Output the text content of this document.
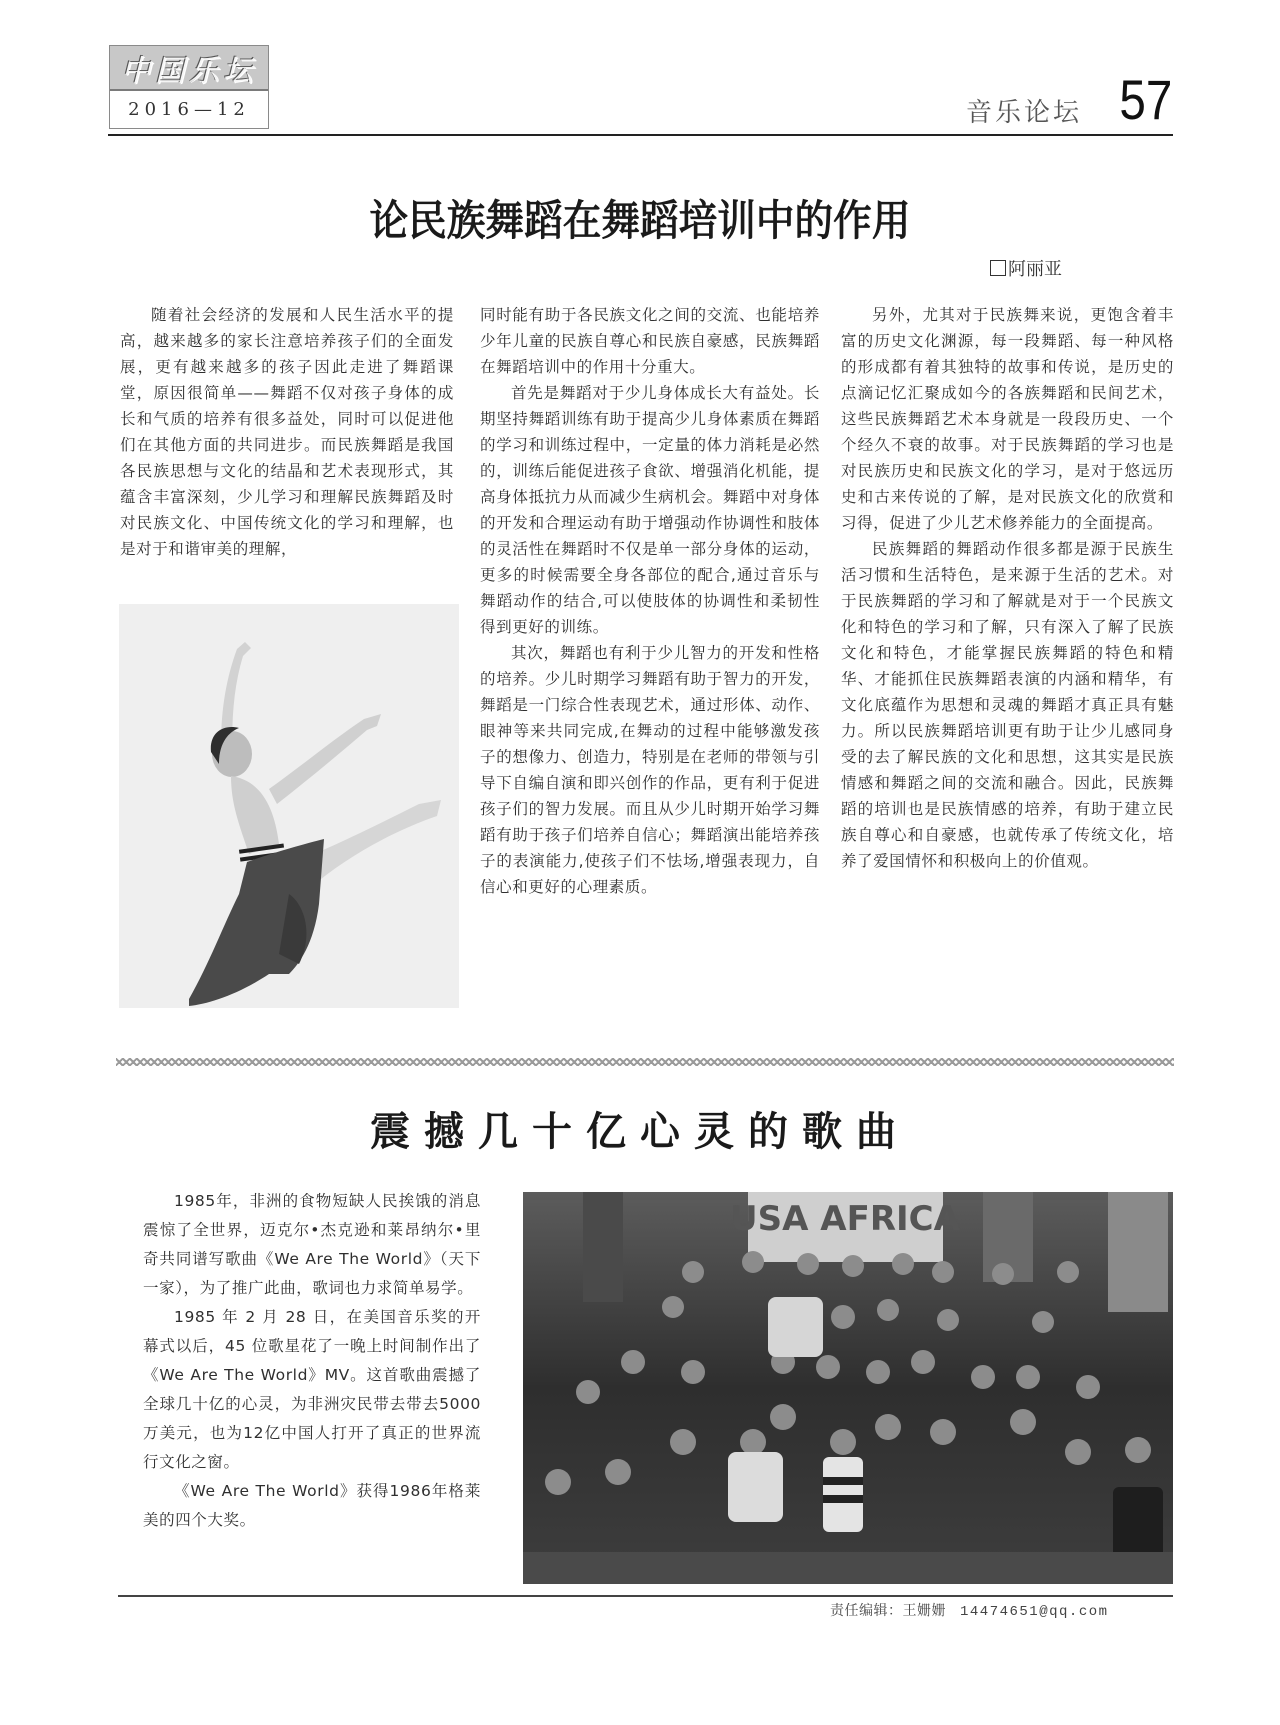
中国乐坛
2016—12	音乐论坛 57
论民族舞蹈在舞蹈培训中的作用
阿丽亚

随着社会经济的发展和人民生活水平的提高，越来越多的家长注意培养孩子们的全面发展，更有越来越多的孩子因此走进了舞蹈课堂，原因很简单——舞蹈不仅对孩子身体的成长和气质的培养有很多益处，同时可以促进他们在其他方面的共同进步。而民族舞蹈是我国各民族思想与文化的结晶和艺术表现形式，其蕴含丰富深刻，少儿学习和理解民族舞蹈及时对民族文化、中国传统文化的学习和理解，也是对于和谐审美的理解，

同时能有助于各民族文化之间的交流、也能培养少年儿童的民族自尊心和民族自豪感，民族舞蹈在舞蹈培训中的作用十分重大。

首先是舞蹈对于少儿身体成长大有益处。长期坚持舞蹈训练有助于提高少儿身体素质在舞蹈的学习和训练过程中，一定量的体力消耗是必然的，训练后能促进孩子食欲、增强消化机能，提高身体抵抗力从而减少生病机会。舞蹈中对身体的开发和合理运动有助于增强动作协调性和肢体的灵活性在舞蹈时不仅是单一部分身体的运动，更多的时候需要全身各部位的配合,通过音乐与舞蹈动作的结合,可以使肢体的协调性和柔韧性得到更好的训练。

其次，舞蹈也有利于少儿智力的开发和性格的培养。少儿时期学习舞蹈有助于智力的开发，舞蹈是一门综合性表现艺术，通过形体、动作、眼神等来共同完成,在舞动的过程中能够激发孩子的想像力、创造力，特别是在老师的带领与引导下自编自演和即兴创作的作品，更有利于促进孩子们的智力发展。而且从少儿时期开始学习舞蹈有助于孩子们培养自信心；舞蹈演出能培养孩子的表演能力,使孩子们不怯场,增强表现力，自信心和更好的心理素质。

另外，尤其对于民族舞来说，更饱含着丰富的历史文化渊源，每一段舞蹈、每一种风格的形成都有着其独特的故事和传说，是历史的点滴记忆汇聚成如今的各族舞蹈和民间艺术，这些民族舞蹈艺术本身就是一段段历史、一个个经久不衰的故事。对于民族舞蹈的学习也是对民族历史和民族文化的学习，是对于悠远历史和古来传说的了解，是对民族文化的欣赏和习得，促进了少儿艺术修养能力的全面提高。

民族舞蹈的舞蹈动作很多都是源于民族生活习惯和生活特色，是来源于生活的艺术。对于民族舞蹈的学习和了解就是对于一个民族文化和特色的学习和了解，只有深入了解了民族文化和特色，才能掌握民族舞蹈的特色和精华、才能抓住民族舞蹈表演的内涵和精华，有文化底蕴作为思想和灵魂的舞蹈才真正具有魅力。所以民族舞蹈培训更有助于让少儿感同身受的去了解民族的文化和思想，这其实是民族情感和舞蹈之间的交流和融合。因此，民族舞蹈的培训也是民族情感的培养，有助于建立民族自尊心和自豪感，也就传承了传统文化，培养了爱国情怀和积极向上的价值观。

震撼几十亿心灵的歌曲

1985年，非洲的食物短缺人民挨饿的消息震惊了全世界，迈克尔•杰克逊和莱昂纳尔•里奇共同谱写歌曲《We Are The World》（天下一家），为了推广此曲，歌词也力求简单易学。

1985 年 2 月 28 日，在美国音乐奖的开幕式以后，45 位歌星花了一晚上时间制作出了《We Are The World》MV。这首歌曲震撼了全球几十亿的心灵，为非洲灾民带去带去5000万美元，也为12亿中国人打开了真正的世界流行文化之窗。

《We Are The World》获得1986年格莱美的四个大奖。

USA AFRICA
责任编辑：王姗姗 14474651@qq.com
